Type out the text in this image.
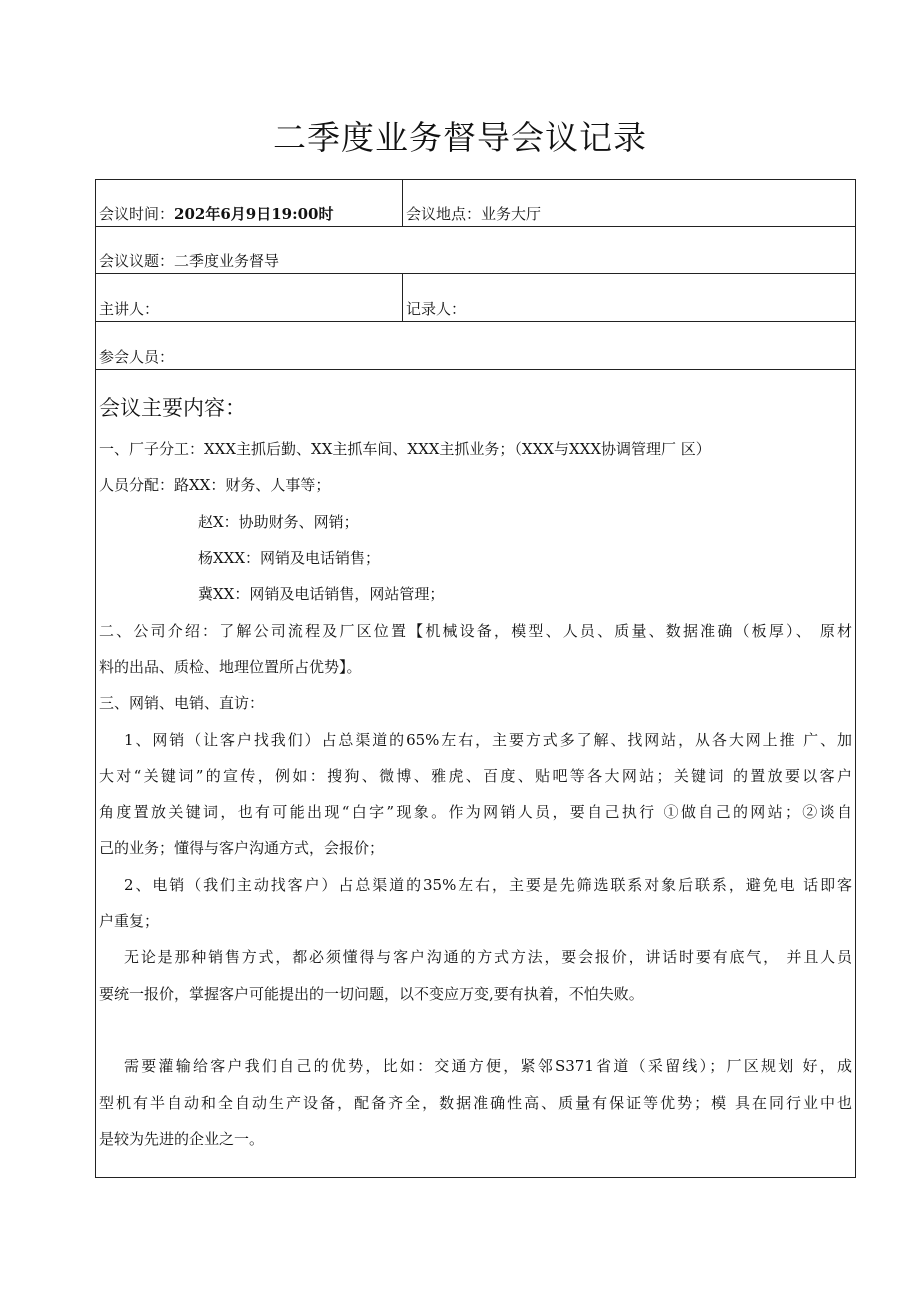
二季度业务督导会议记录
会议时间：202年6月9日19:00时	会议地点：业务大厅
会议议题：二季度业务督导
主讲人：	记录人：
参会人员：
会议主要内容：
一、厂子分工：XXX主抓后勤、XX主抓车间、XXX主抓业务；（XXX与XXX协调管理厂 区）
人员分配：路XX：财务、人事等；
赵X：协助财务、网销；
杨XXX：网销及电话销售；
冀XX：网销及电话销售，网站管理；
二、公司介绍：了解公司流程及厂区位置【机械设备，模型、人员、质量、数据准确（板厚）、 原材
料的出品、质检、地理位置所占优势】。
三、网销、电销、直访：
1、网销（让客户找我们）占总渠道的65%左右，主要方式多了解、找网站，从各大网上推 广、加
大对“关键词”的宣传，例如：搜狗、微博、雅虎、百度、贴吧等各大网站；关键词 的置放要以客户
角度置放关键词，也有可能出现“白字”现象。作为网销人员，要自己执行 ①做自己的网站；②谈自
己的业务；懂得与客户沟通方式，会报价；
2、电销（我们主动找客户）占总渠道的35%左右，主要是先筛选联系对象后联系，避免电 话即客
户重复；
无论是那种销售方式，都必须懂得与客户沟通的方式方法，要会报价，讲话时要有底气， 并且人员
要统一报价，掌握客户可能提出的一切问题，以不变应万变,要有执着，不怕失败。
需要灌输给客户我们自己的优势，比如：交通方便，紧邻S371省道（采留线）；厂区规划 好，成
型机有半自动和全自动生产设备，配备齐全，数据准确性高、质量有保证等优势；模 具在同行业中也
是较为先进的企业之一。
